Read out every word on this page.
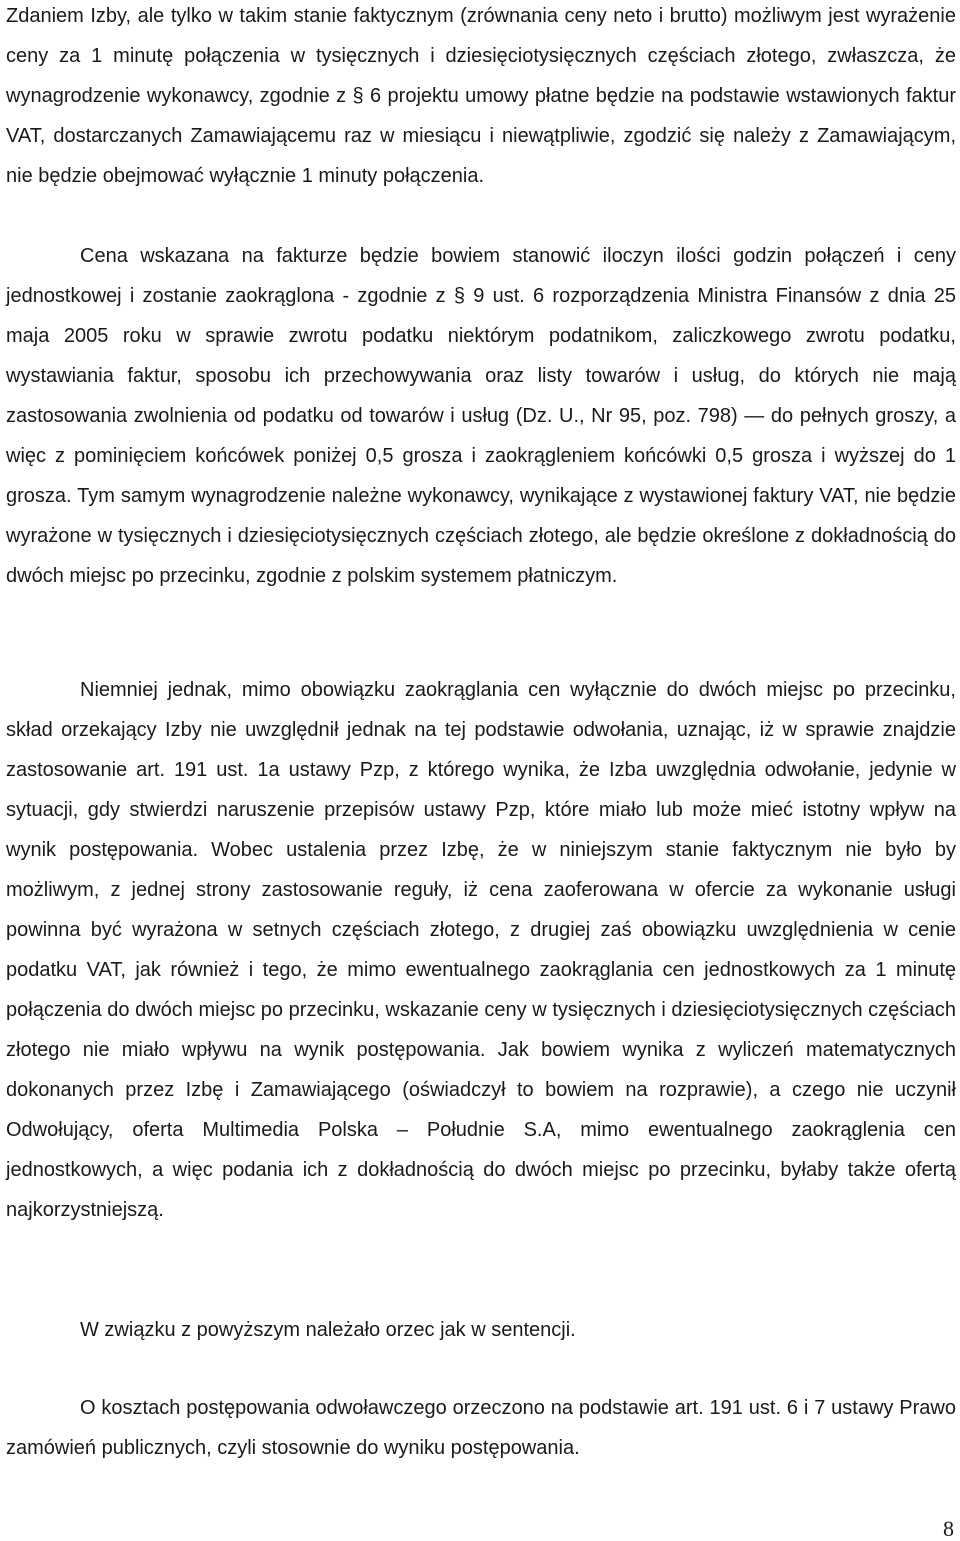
Zdaniem Izby, ale tylko w takim stanie faktycznym (zrównania ceny neto i brutto) możliwym jest wyrażenie ceny za 1 minutę połączenia w tysięcznych i dziesięciotysięcznych częściach złotego, zwłaszcza, że wynagrodzenie wykonawcy, zgodnie z § 6 projektu umowy płatne będzie na podstawie wstawionych faktur VAT, dostarczanych Zamawiającemu raz w miesiącu i niewątpliwie, zgodzić się należy z Zamawiającym, nie będzie obejmować wyłącznie 1 minuty połączenia.

Cena wskazana na fakturze będzie bowiem stanowić iloczyn ilości godzin połączeń i ceny jednostkowej i zostanie zaokrąglona - zgodnie z § 9 ust. 6 rozporządzenia Ministra Finansów z dnia 25 maja 2005 roku w sprawie zwrotu podatku niektórym podatnikom, zaliczkowego zwrotu podatku, wystawiania faktur, sposobu ich przechowywania oraz listy towarów i usług, do których nie mają zastosowania zwolnienia od podatku od towarów i usług (Dz. U., Nr 95, poz. 798) — do pełnych groszy, a więc z pominięciem końcówek poniżej 0,5 grosza i zaokrągleniem końcówki 0,5 grosza i wyższej do 1 grosza. Tym samym wynagrodzenie należne wykonawcy, wynikające z wystawionej faktury VAT, nie będzie wyrażone w tysięcznych i dziesięciotysięcznych częściach złotego, ale będzie określone z dokładnością do dwóch miejsc po przecinku, zgodnie z polskim systemem płatniczym.

Niemniej jednak, mimo obowiązku zaokrąglania cen wyłącznie do dwóch miejsc po przecinku, skład orzekający Izby nie uwzględnił jednak na tej podstawie odwołania, uznając, iż w sprawie znajdzie zastosowanie art. 191 ust. 1a ustawy Pzp, z którego wynika, że Izba uwzględnia odwołanie, jedynie w sytuacji, gdy stwierdzi naruszenie przepisów ustawy Pzp, które miało lub może mieć istotny wpływ na wynik postępowania. Wobec ustalenia przez Izbę, że w niniejszym stanie faktycznym nie było by możliwym, z jednej strony zastosowanie reguły, iż cena zaoferowana w ofercie za wykonanie usługi powinna być wyrażona w setnych częściach złotego, z drugiej zaś obowiązku uwzględnienia w cenie podatku VAT, jak również i tego, że mimo ewentualnego zaokrąglania cen jednostkowych za 1 minutę połączenia do dwóch miejsc po przecinku, wskazanie ceny w tysięcznych i dziesięciotysięcznych częściach złotego nie miało wpływu na wynik postępowania. Jak bowiem wynika z wyliczeń matematycznych dokonanych przez Izbę i Zamawiającego (oświadczył to bowiem na rozprawie), a czego nie uczynił Odwołujący, oferta Multimedia Polska – Południe S.A, mimo ewentualnego zaokrąglenia cen jednostkowych, a więc podania ich z dokładnością do dwóch miejsc po przecinku, byłaby także ofertą najkorzystniejszą.

W związku z powyższym należało orzec jak w sentencji.

O kosztach postępowania odwoławczego orzeczono na podstawie art. 191 ust. 6 i 7 ustawy Prawo zamówień publicznych, czyli stosownie do wyniku postępowania.

8
